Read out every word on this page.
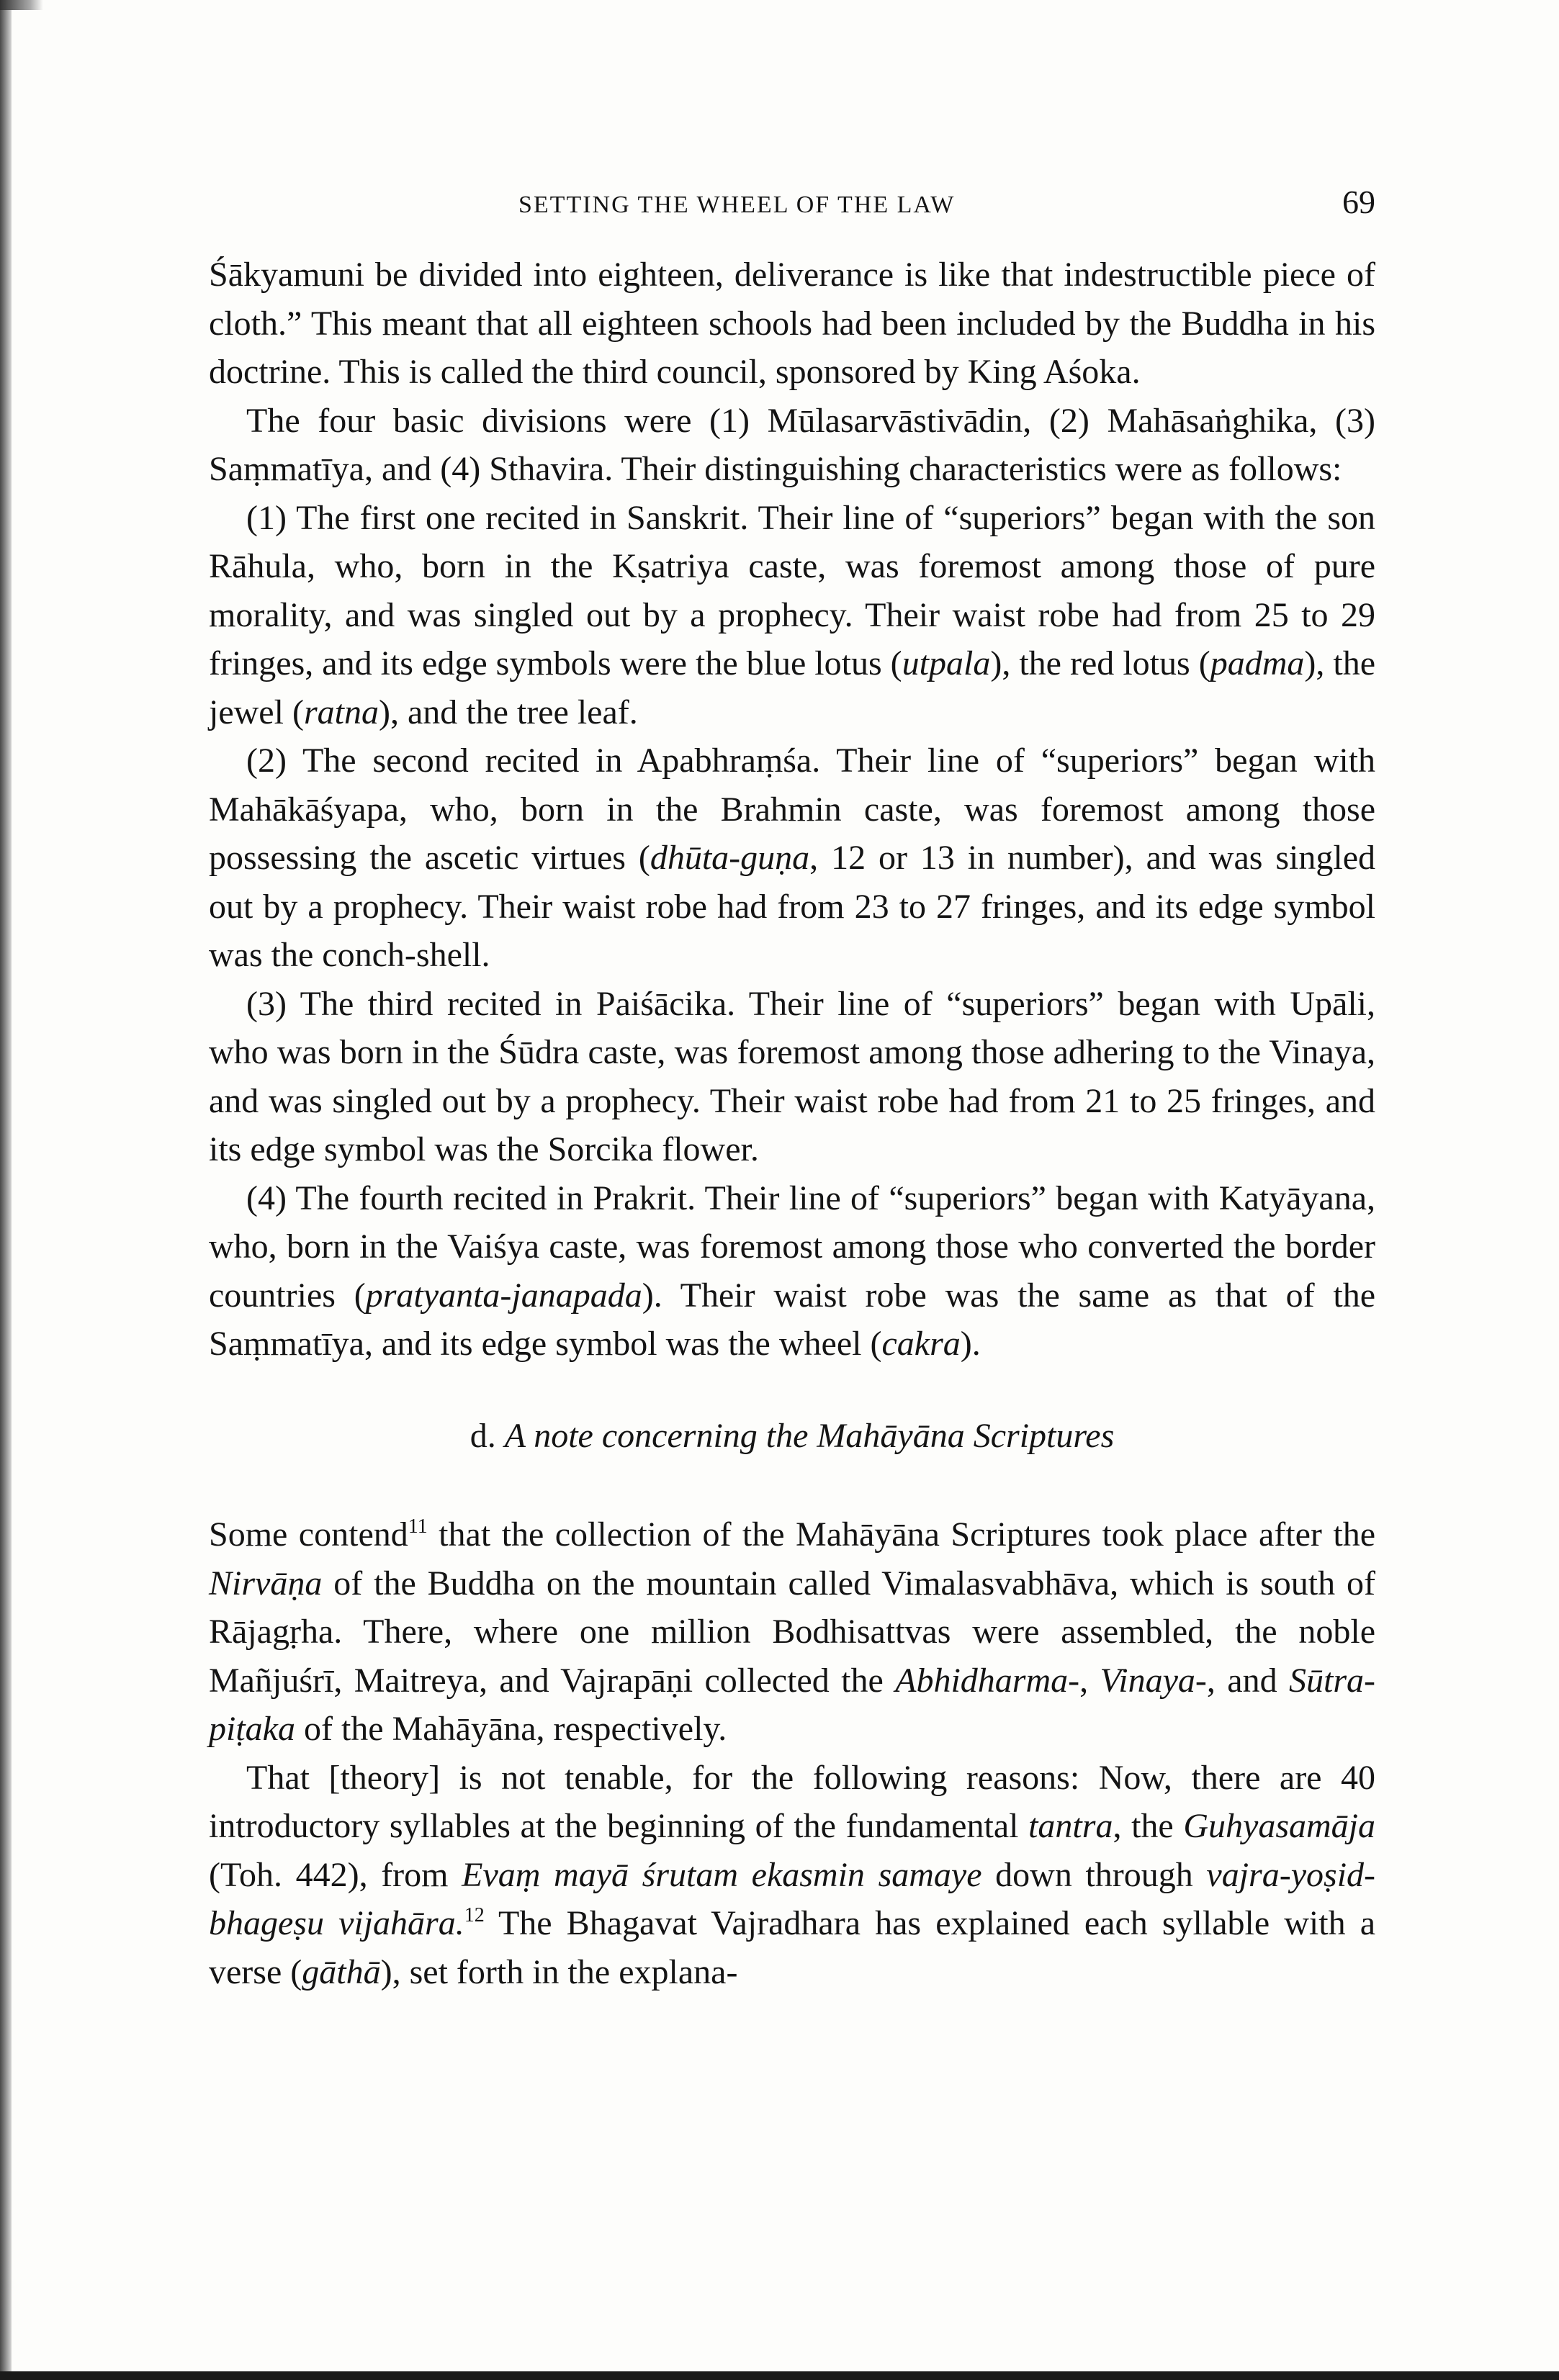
SETTING THE WHEEL OF THE LAW	69

Śākyamuni be divided into eighteen, deliverance is like that indestructible piece of cloth.” This meant that all eighteen schools had been included by the Buddha in his doctrine. This is called the third council, sponsored by King Aśoka.

The four basic divisions were (1) Mūlasarvāstivādin, (2) Mahāsaṅghika, (3) Saṃmatīya, and (4) Sthavira. Their distinguishing characteristics were as follows:

(1) The first one recited in Sanskrit. Their line of “superiors” began with the son Rāhula, who, born in the Kṣatriya caste, was foremost among those of pure morality, and was singled out by a prophecy. Their waist robe had from 25 to 29 fringes, and its edge symbols were the blue lotus (utpala), the red lotus (padma), the jewel (ratna), and the tree leaf.

(2) The second recited in Apabhraṃśa. Their line of “superiors” began with Mahākāśyapa, who, born in the Brahmin caste, was foremost among those possessing the ascetic virtues (dhūta-guṇa, 12 or 13 in number), and was singled out by a prophecy. Their waist robe had from 23 to 27 fringes, and its edge symbol was the conch-shell.

(3) The third recited in Paiśācika. Their line of “superiors” began with Upāli, who was born in the Śūdra caste, was foremost among those adhering to the Vinaya, and was singled out by a prophecy. Their waist robe had from 21 to 25 fringes, and its edge symbol was the Sorcika flower.

(4) The fourth recited in Prakrit. Their line of “superiors” began with Katyāyana, who, born in the Vaiśya caste, was foremost among those who converted the border countries (pratyanta-janapada). Their waist robe was the same as that of the Saṃmatīya, and its edge symbol was the wheel (cakra).

d. A note concerning the Mahāyāna Scriptures

Some contend$^{11}$ that the collection of the Mahāyāna Scriptures took place after the Nirvāṇa of the Buddha on the mountain called Vimalasvabhāva, which is south of Rājagṛha. There, where one million Bodhisattvas were assembled, the noble Mañjuśrī, Maitreya, and Vajrapāṇi collected the Abhidharma-, Vinaya-, and Sūtra-piṭaka of the Mahāyāna, respectively.

That [theory] is not tenable, for the following reasons: Now, there are 40 introductory syllables at the beginning of the fundamental tantra, the Guhyasamāja (Toh. 442), from Evaṃ mayā śrutam ekasmin samaye down through vajra-yoṣid-bhageṣu vijahāra.$^{12}$ The Bhagavat Vajradhara has explained each syllable with a verse (gāthā), set forth in the explana-
